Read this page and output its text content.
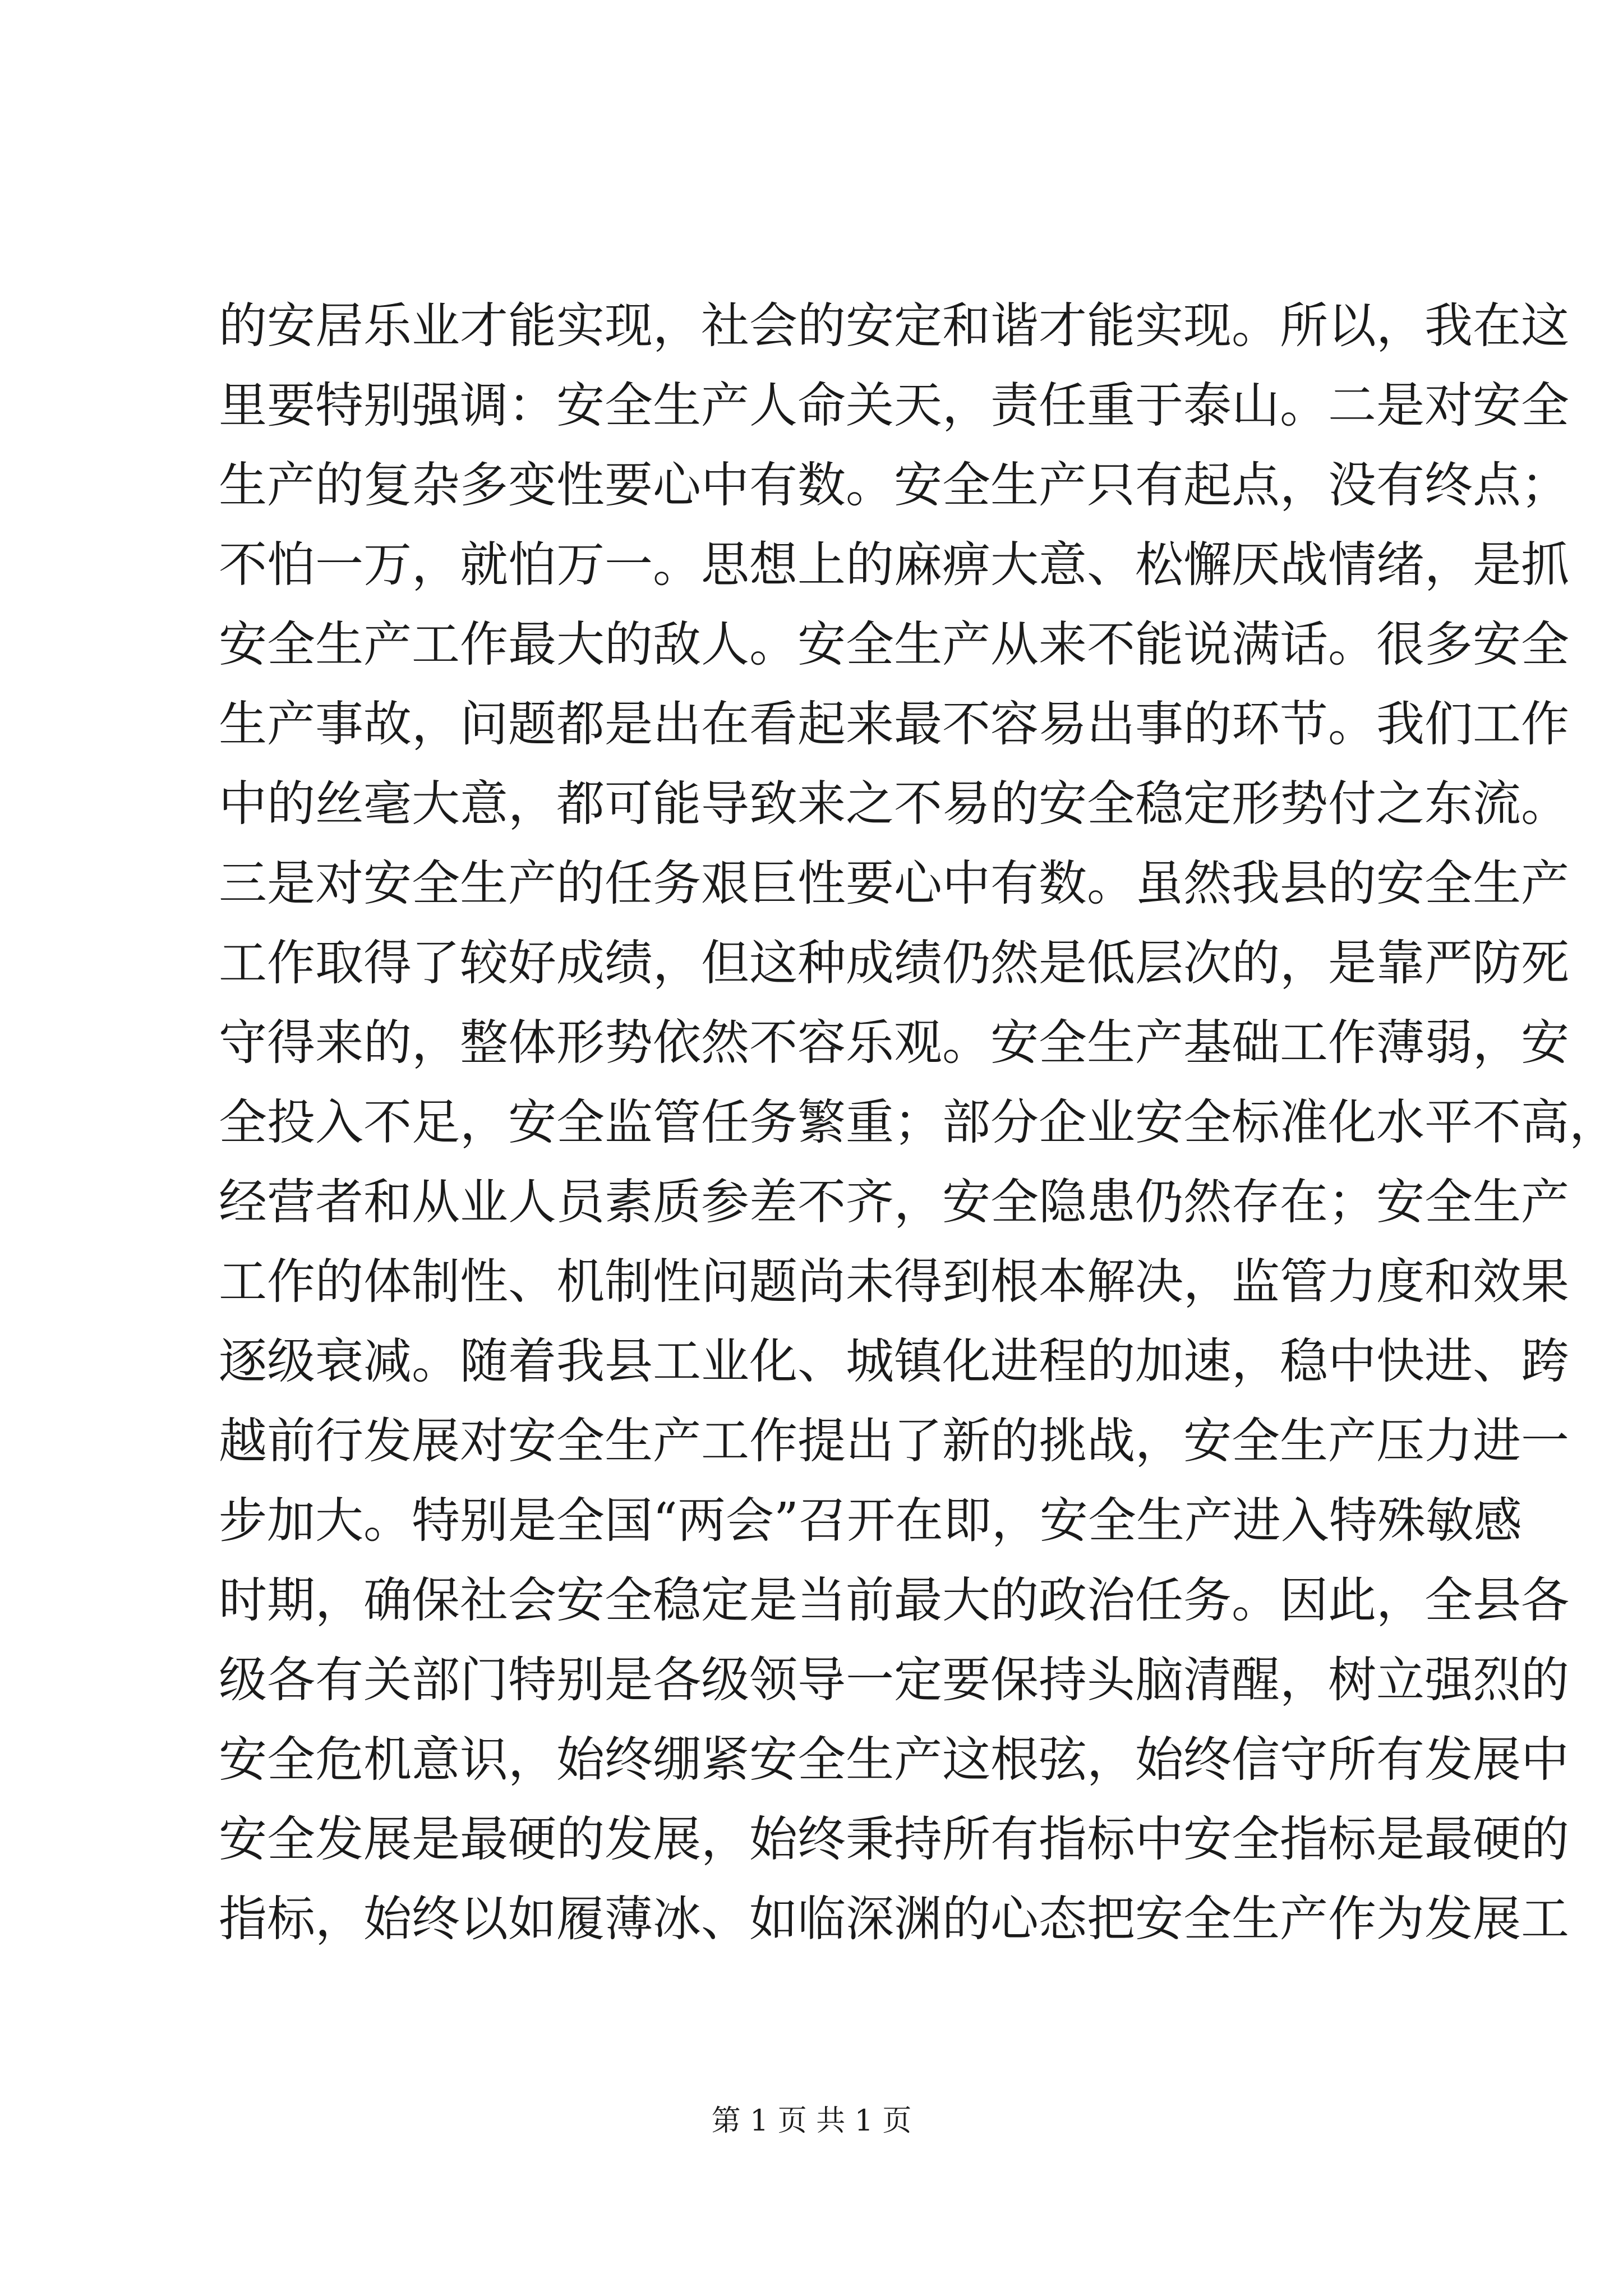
的安居乐业才能实现，社会的安定和谐才能实现。所以，我在这
里要特别强调：安全生产人命关天，责任重于泰山。二是对安全
生产的复杂多变性要心中有数。安全生产只有起点，没有终点；
不怕一万，就怕万一。思想上的麻痹大意、松懈厌战情绪，是抓
安全生产工作最大的敌人。安全生产从来不能说满话。很多安全
生产事故，问题都是出在看起来最不容易出事的环节。我们工作
中的丝毫大意，都可能导致来之不易的安全稳定形势付之东流。
三是对安全生产的任务艰巨性要心中有数。虽然我县的安全生产
工作取得了较好成绩，但这种成绩仍然是低层次的，是靠严防死
守得来的，整体形势依然不容乐观。安全生产基础工作薄弱，安
全投入不足，安全监管任务繁重；部分企业安全标准化水平不高，
经营者和从业人员素质参差不齐，安全隐患仍然存在；安全生产
工作的体制性、机制性问题尚未得到根本解决，监管力度和效果
逐级衰减。随着我县工业化、城镇化进程的加速，稳中快进、跨
越前行发展对安全生产工作提出了新的挑战，安全生产压力进一
步加大。特别是全国“两会”召开在即，安全生产进入特殊敏感
时期，确保社会安全稳定是当前最大的政治任务。因此，全县各
级各有关部门特别是各级领导一定要保持头脑清醒，树立强烈的
安全危机意识，始终绷紧安全生产这根弦，始终信守所有发展中
安全发展是最硬的发展，始终秉持所有指标中安全指标是最硬的
指标，始终以如履薄冰、如临深渊的心态把安全生产作为发展工
第 1 页 共 1 页
